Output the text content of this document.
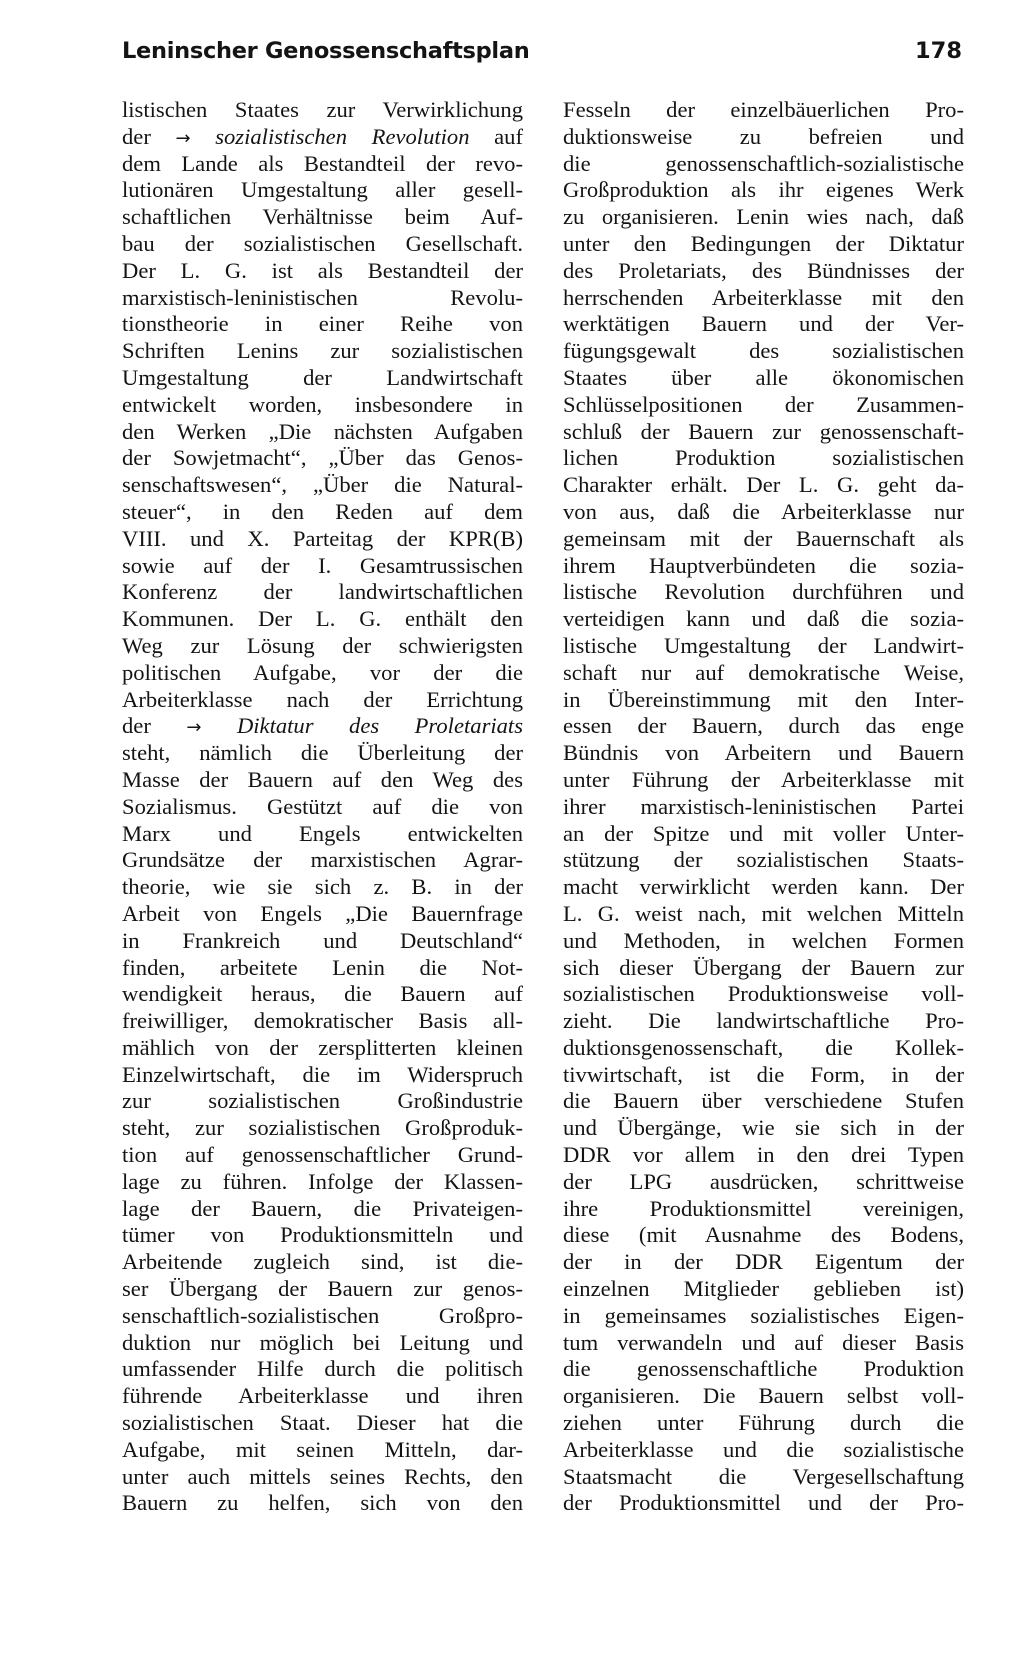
Leninscher Genossenschaftsplan	178
listischen Staates zur Verwirklichung
der → sozialistischen Revolution auf
dem Lande als Bestandteil der revo-
lutionären Umgestaltung aller gesell-
schaftlichen Verhältnisse beim Auf-
bau der sozialistischen Gesellschaft.
Der L. G. ist als Bestandteil der
marxistisch-leninistischen Revolu-
tionstheorie in einer Reihe von
Schriften Lenins zur sozialistischen
Umgestaltung der Landwirtschaft
entwickelt worden, insbesondere in
den Werken „Die nächsten Aufgaben
der Sowjetmacht“, „Über das Genos-
senschaftswesen“, „Über die Natural-
steuer“, in den Reden auf dem
VIII. und X. Parteitag der KPR(B)
sowie auf der I. Gesamtrussischen
Konferenz der landwirtschaftlichen
Kommunen. Der L. G. enthält den
Weg zur Lösung der schwierigsten
politischen Aufgabe, vor der die
Arbeiterklasse nach der Errichtung
der → Diktatur des Proletariats
steht, nämlich die Überleitung der
Masse der Bauern auf den Weg des
Sozialismus. Gestützt auf die von
Marx und Engels entwickelten
Grundsätze der marxistischen Agrar-
theorie, wie sie sich z. B. in der
Arbeit von Engels „Die Bauernfrage
in Frankreich und Deutschland“
finden, arbeitete Lenin die Not-
wendigkeit heraus, die Bauern auf
freiwilliger, demokratischer Basis all-
mählich von der zersplitterten kleinen
Einzelwirtschaft, die im Widerspruch
zur sozialistischen Großindustrie
steht, zur sozialistischen Großproduk-
tion auf genossenschaftlicher Grund-
lage zu führen. Infolge der Klassen-
lage der Bauern, die Privateigen-
tümer von Produktionsmitteln und
Arbeitende zugleich sind, ist die-
ser Übergang der Bauern zur genos-
senschaftlich-sozialistischen Großpro-
duktion nur möglich bei Leitung und
umfassender Hilfe durch die politisch
führende Arbeiterklasse und ihren
sozialistischen Staat. Dieser hat die
Aufgabe, mit seinen Mitteln, dar-
unter auch mittels seines Rechts, den
Bauern zu helfen, sich von den
Fesseln der einzelbäuerlichen Pro-
duktionsweise zu befreien und
die genossenschaftlich-sozialistische
Großproduktion als ihr eigenes Werk
zu organisieren. Lenin wies nach, daß
unter den Bedingungen der Diktatur
des Proletariats, des Bündnisses der
herrschenden Arbeiterklasse mit den
werktätigen Bauern und der Ver-
fügungsgewalt des sozialistischen
Staates über alle ökonomischen
Schlüsselpositionen der Zusammen-
schluß der Bauern zur genossenschaft-
lichen Produktion sozialistischen
Charakter erhält. Der L. G. geht da-
von aus, daß die Arbeiterklasse nur
gemeinsam mit der Bauernschaft als
ihrem Hauptverbündeten die sozia-
listische Revolution durchführen und
verteidigen kann und daß die sozia-
listische Umgestaltung der Landwirt-
schaft nur auf demokratische Weise,
in Übereinstimmung mit den Inter-
essen der Bauern, durch das enge
Bündnis von Arbeitern und Bauern
unter Führung der Arbeiterklasse mit
ihrer marxistisch-leninistischen Partei
an der Spitze und mit voller Unter-
stützung der sozialistischen Staats-
macht verwirklicht werden kann. Der
L. G. weist nach, mit welchen Mitteln
und Methoden, in welchen Formen
sich dieser Übergang der Bauern zur
sozialistischen Produktionsweise voll-
zieht. Die landwirtschaftliche Pro-
duktionsgenossenschaft, die Kollek-
tivwirtschaft, ist die Form, in der
die Bauern über verschiedene Stufen
und Übergänge, wie sie sich in der
DDR vor allem in den drei Typen
der LPG ausdrücken, schrittweise
ihre Produktionsmittel vereinigen,
diese (mit Ausnahme des Bodens,
der in der DDR Eigentum der
einzelnen Mitglieder geblieben ist)
in gemeinsames sozialistisches Eigen-
tum verwandeln und auf dieser Basis
die genossenschaftliche Produktion
organisieren. Die Bauern selbst voll-
ziehen unter Führung durch die
Arbeiterklasse und die sozialistische
Staatsmacht die Vergesellschaftung
der Produktionsmittel und der Pro-
